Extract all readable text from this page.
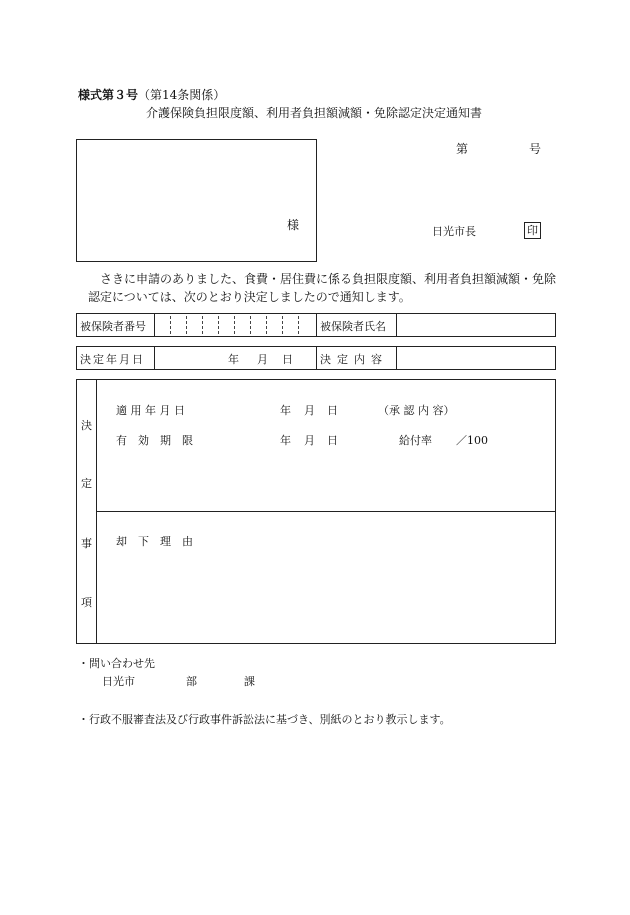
様式第３号（第14条関係）
介護保険負担限度額、利用者負担額減額・免除認定決定通知書
様
第	号
日光市長	印
さきに申請のありました、食費・居住費に係る負担限度額、利用者負担額減額・免除
認定については、次のとおり決定しましたので通知します。
被保険者番号	被保険者氏名
決定年月日	年 月 日 決定内容
決
定
事
項
適 用 年 月 日	年 月 日	（承 認 内 容）
有　効　期　限	年 月 日	給付率 ／100
却　下　理　由
・問い合わせ先
日光市	部	課
・行政不服審査法及び行政事件訴訟法に基づき、別紙のとおり教示します。
